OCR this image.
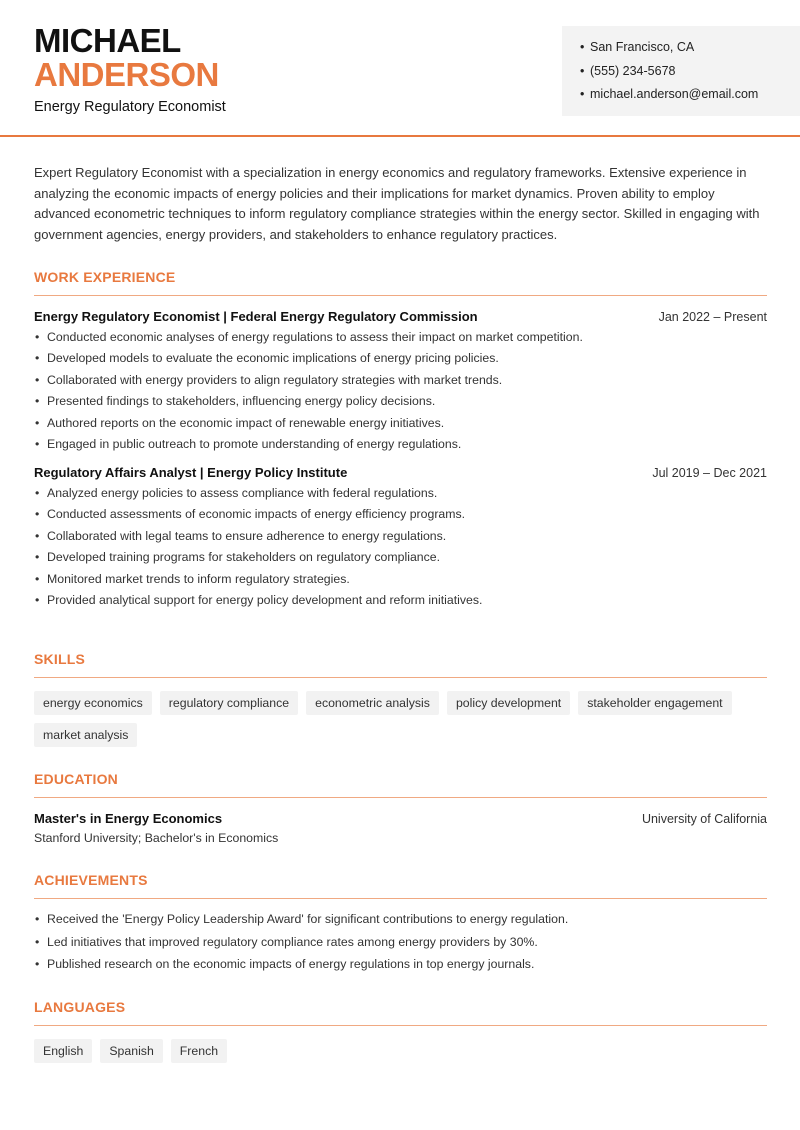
MICHAEL
ANDERSON
Energy Regulatory Economist
• San Francisco, CA
• (555) 234-5678
• michael.anderson@email.com

Expert Regulatory Economist with a specialization in energy economics and regulatory frameworks. Extensive experience in analyzing the economic impacts of energy policies and their implications for market dynamics. Proven ability to employ advanced econometric techniques to inform regulatory compliance strategies within the energy sector. Skilled in engaging with government agencies, energy providers, and stakeholders to enhance regulatory practices.

WORK EXPERIENCE
Energy Regulatory Economist | Federal Energy Regulatory Commission	Jan 2022 – Present
• Conducted economic analyses of energy regulations to assess their impact on market competition.
• Developed models to evaluate the economic implications of energy pricing policies.
• Collaborated with energy providers to align regulatory strategies with market trends.
• Presented findings to stakeholders, influencing energy policy decisions.
• Authored reports on the economic impact of renewable energy initiatives.
• Engaged in public outreach to promote understanding of energy regulations.
Regulatory Affairs Analyst | Energy Policy Institute	Jul 2019 – Dec 2021
• Analyzed energy policies to assess compliance with federal regulations.
• Conducted assessments of economic impacts of energy efficiency programs.
• Collaborated with legal teams to ensure adherence to energy regulations.
• Developed training programs for stakeholders on regulatory compliance.
• Monitored market trends to inform regulatory strategies.
• Provided analytical support for energy policy development and reform initiatives.
SKILLS
energy economics	regulatory compliance	econometric analysis	policy development	stakeholder engagement
market analysis
EDUCATION
Master's in Energy Economics	University of California
Stanford University; Bachelor's in Economics
ACHIEVEMENTS
• Received the 'Energy Policy Leadership Award' for significant contributions to energy regulation.
• Led initiatives that improved regulatory compliance rates among energy providers by 30%.
• Published research on the economic impacts of energy regulations in top energy journals.
LANGUAGES
English	Spanish	French
